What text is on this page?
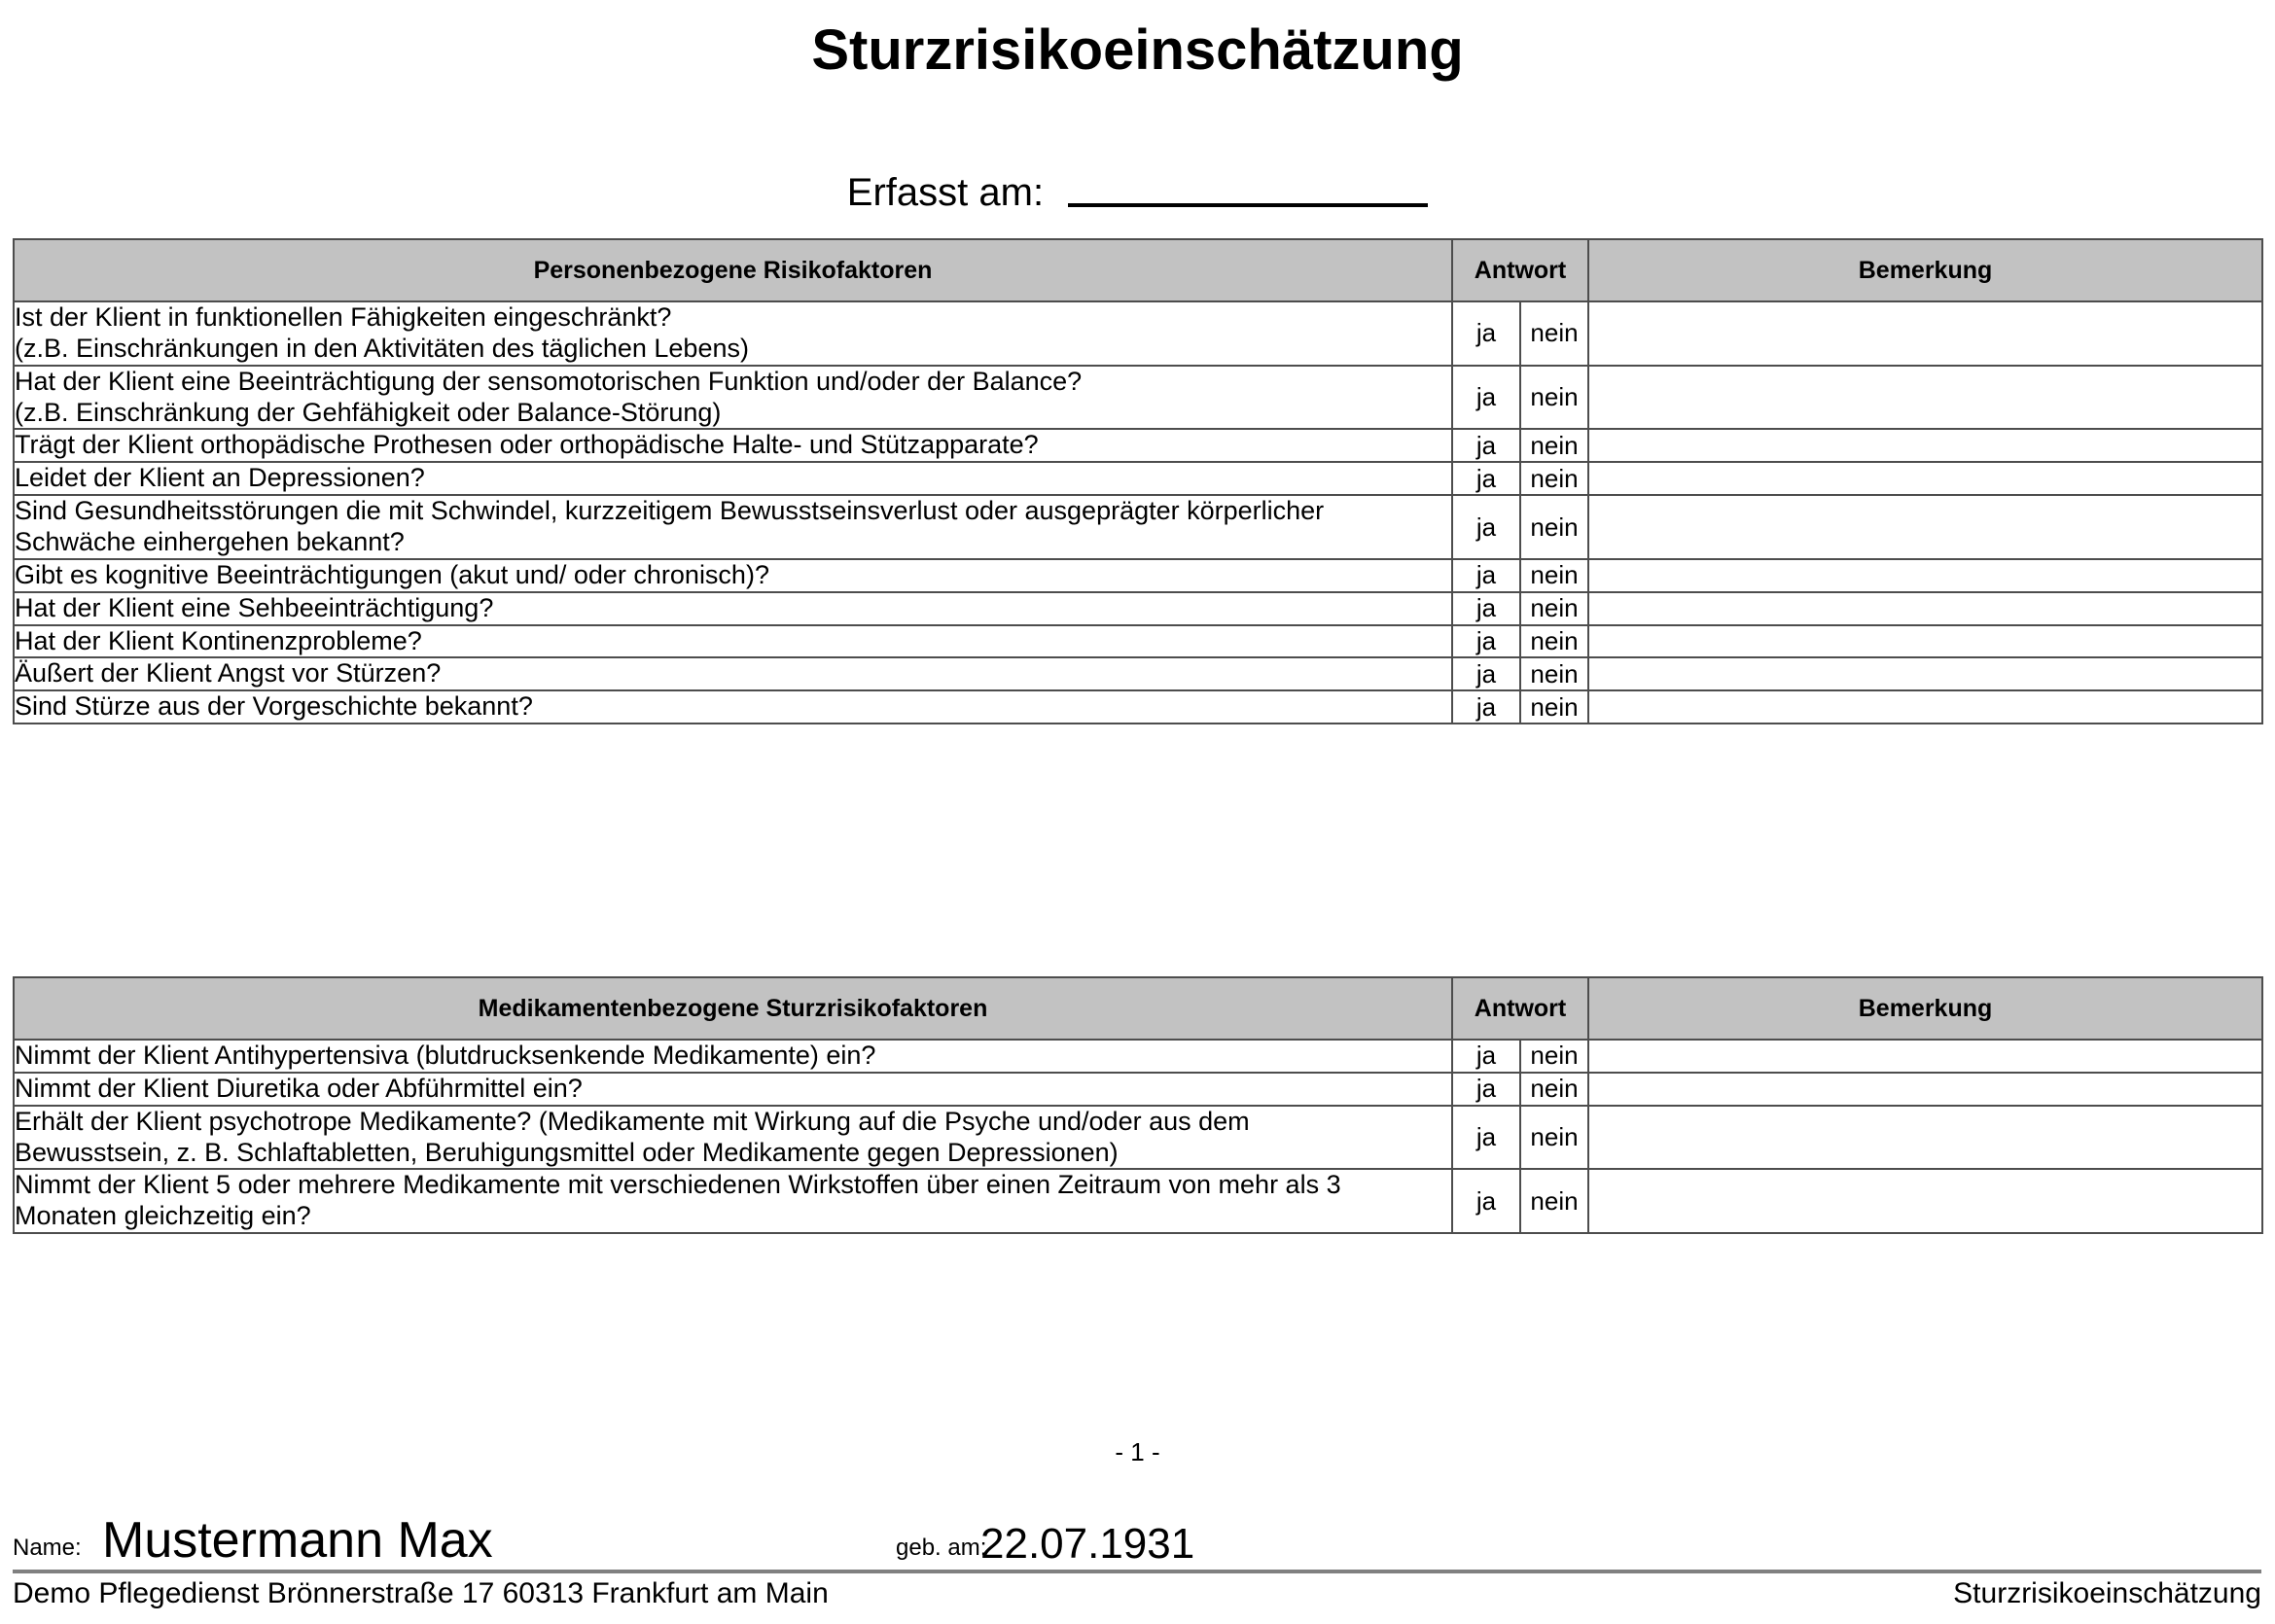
Sturzrisikoeinschätzung
Erfasst am:
Personenbezogene Risikofaktoren	Antwort		Bemerkung

Ist der Klient in funktionellen Fähigkeiten eingeschränkt?
(z.B. Einschränkungen in den Aktivitäten des täglichen Lebens)	ja	nein	

Hat der Klient eine Beeinträchtigung der sensomotorischen Funktion und/oder der Balance?
(z.B. Einschränkung der Gehfähigkeit oder Balance-Störung)	ja	nein	

Trägt der Klient orthopädische Prothesen oder orthopädische Halte- und Stützapparate?	ja	nein	

Leidet der Klient an Depressionen?	ja	nein	

Sind Gesundheitsstörungen die mit Schwindel, kurzzeitigem Bewusstseinsverlust oder ausgeprägter körperlicher
Schwäche einhergehen bekannt?	ja	nein	

Gibt es kognitive Beeinträchtigungen (akut und/ oder chronisch)?	ja	nein	

Hat der Klient eine Sehbeeinträchtigung?	ja	nein	

Hat der Klient Kontinenzprobleme?	ja	nein	

Äußert der Klient Angst vor Stürzen?	ja	nein	

Sind Stürze aus der Vorgeschichte bekannt?	ja	nein	
Medikamentenbezogene Sturzrisikofaktoren	Antwort		Bemerkung

Nimmt der Klient Antihypertensiva (blutdrucksenkende Medikamente) ein?	ja	nein	

Nimmt der Klient Diuretika oder Abführmittel ein?	ja	nein	

Erhält der Klient psychotrope Medikamente? (Medikamente mit Wirkung auf die Psyche und/oder aus dem
Bewusstsein, z. B. Schlaftabletten, Beruhigungsmittel oder Medikamente gegen Depressionen)	ja	nein	

Nimmt der Klient 5 oder mehrere Medikamente mit verschiedenen Wirkstoffen über einen Zeitraum von mehr als 3
Monaten gleichzeitig ein?	ja	nein	
- 1 -
Name: Mustermann Max	geb. am:
22.07.1931
Demo Pflegedienst Brönnerstraße 17 60313 Frankfurt am Main	Sturzrisikoeinschätzung
